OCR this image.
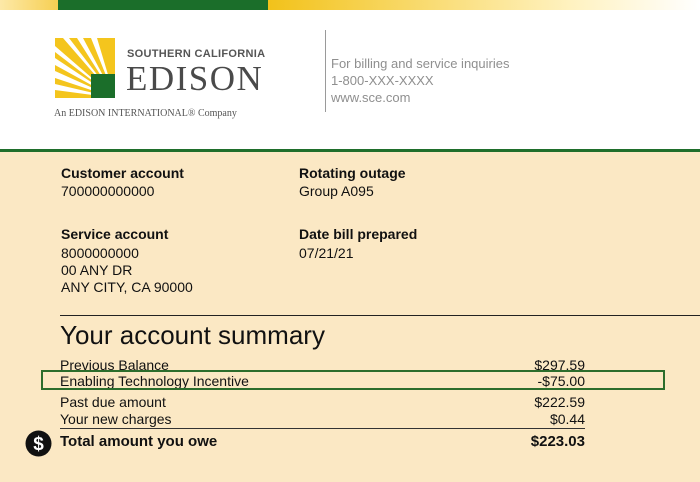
SOUTHERN CALIFORNIA
EDISON
An EDISON INTERNATIONAL® Company
For billing and service inquiries
1-800-XXX-XXXX
www.sce.com
Customer account
700000000000
Rotating outage
Group A095
Service account
8000000000
00 ANY DR
ANY CITY, CA 90000
Date bill prepared
07/21/21
Your account summary
Previous Balance	$297.59
Enabling Technology Incentive	-$75.00
Past due amount	$222.59
Your new charges	$0.44
$ Total amount you owe	$223.03
